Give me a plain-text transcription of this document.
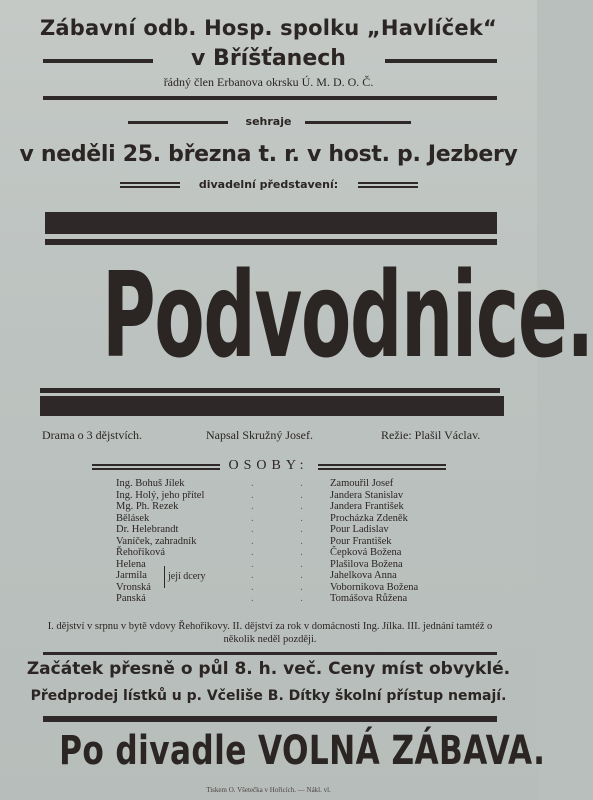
Zábavní odb. Hosp. spolku „Havlíček“
v Bříšťanech
řádný člen Erbanova okrsku Ú. M. D. O. Č.
sehraje
v neděli 25. března t. r. v host. p. Jezbery
divadelní představení:
Podvodnice.
Drama o 3 dějstvích.	Napsal Skružný Josef.	Režie: Plašil Václav.
OSOBY:
Ing. Bohuš Jílek	. . Zamouřil Josef
Ing. Holý, jeho přítel	. . Jandera Stanislav
Mg. Ph. Rezek	. . Jandera František
Bělásek	. . Procházka Zdeněk
Dr. Helebrandt	. . Pour Ladislav
Vaníček, zahradník	. . Pour František
Řehořiková	. . Čepková Božena
Helena	. . Plašilova Božena
Jarmila	. . Jahelkova Anna
Vronská	. . Vobornikova Božena
Panská	. . Tomášova Růžena
její dcery
I. dějství v srpnu v bytě vdovy Řehořikovy. II. dějství za rok v domácnosti Ing. Jílka. III. jednání tamtéž o několik neděl později.
Začátek přesně o půl 8. h. več. Ceny míst obvyklé.
Předprodej lístků u p. Včeliše B. Dítky školní přístup nemají.
Po divadle VOLNÁ ZÁBAVA.
Tiskem O. Všetečka v Hořicích. — Nákl. vl.
